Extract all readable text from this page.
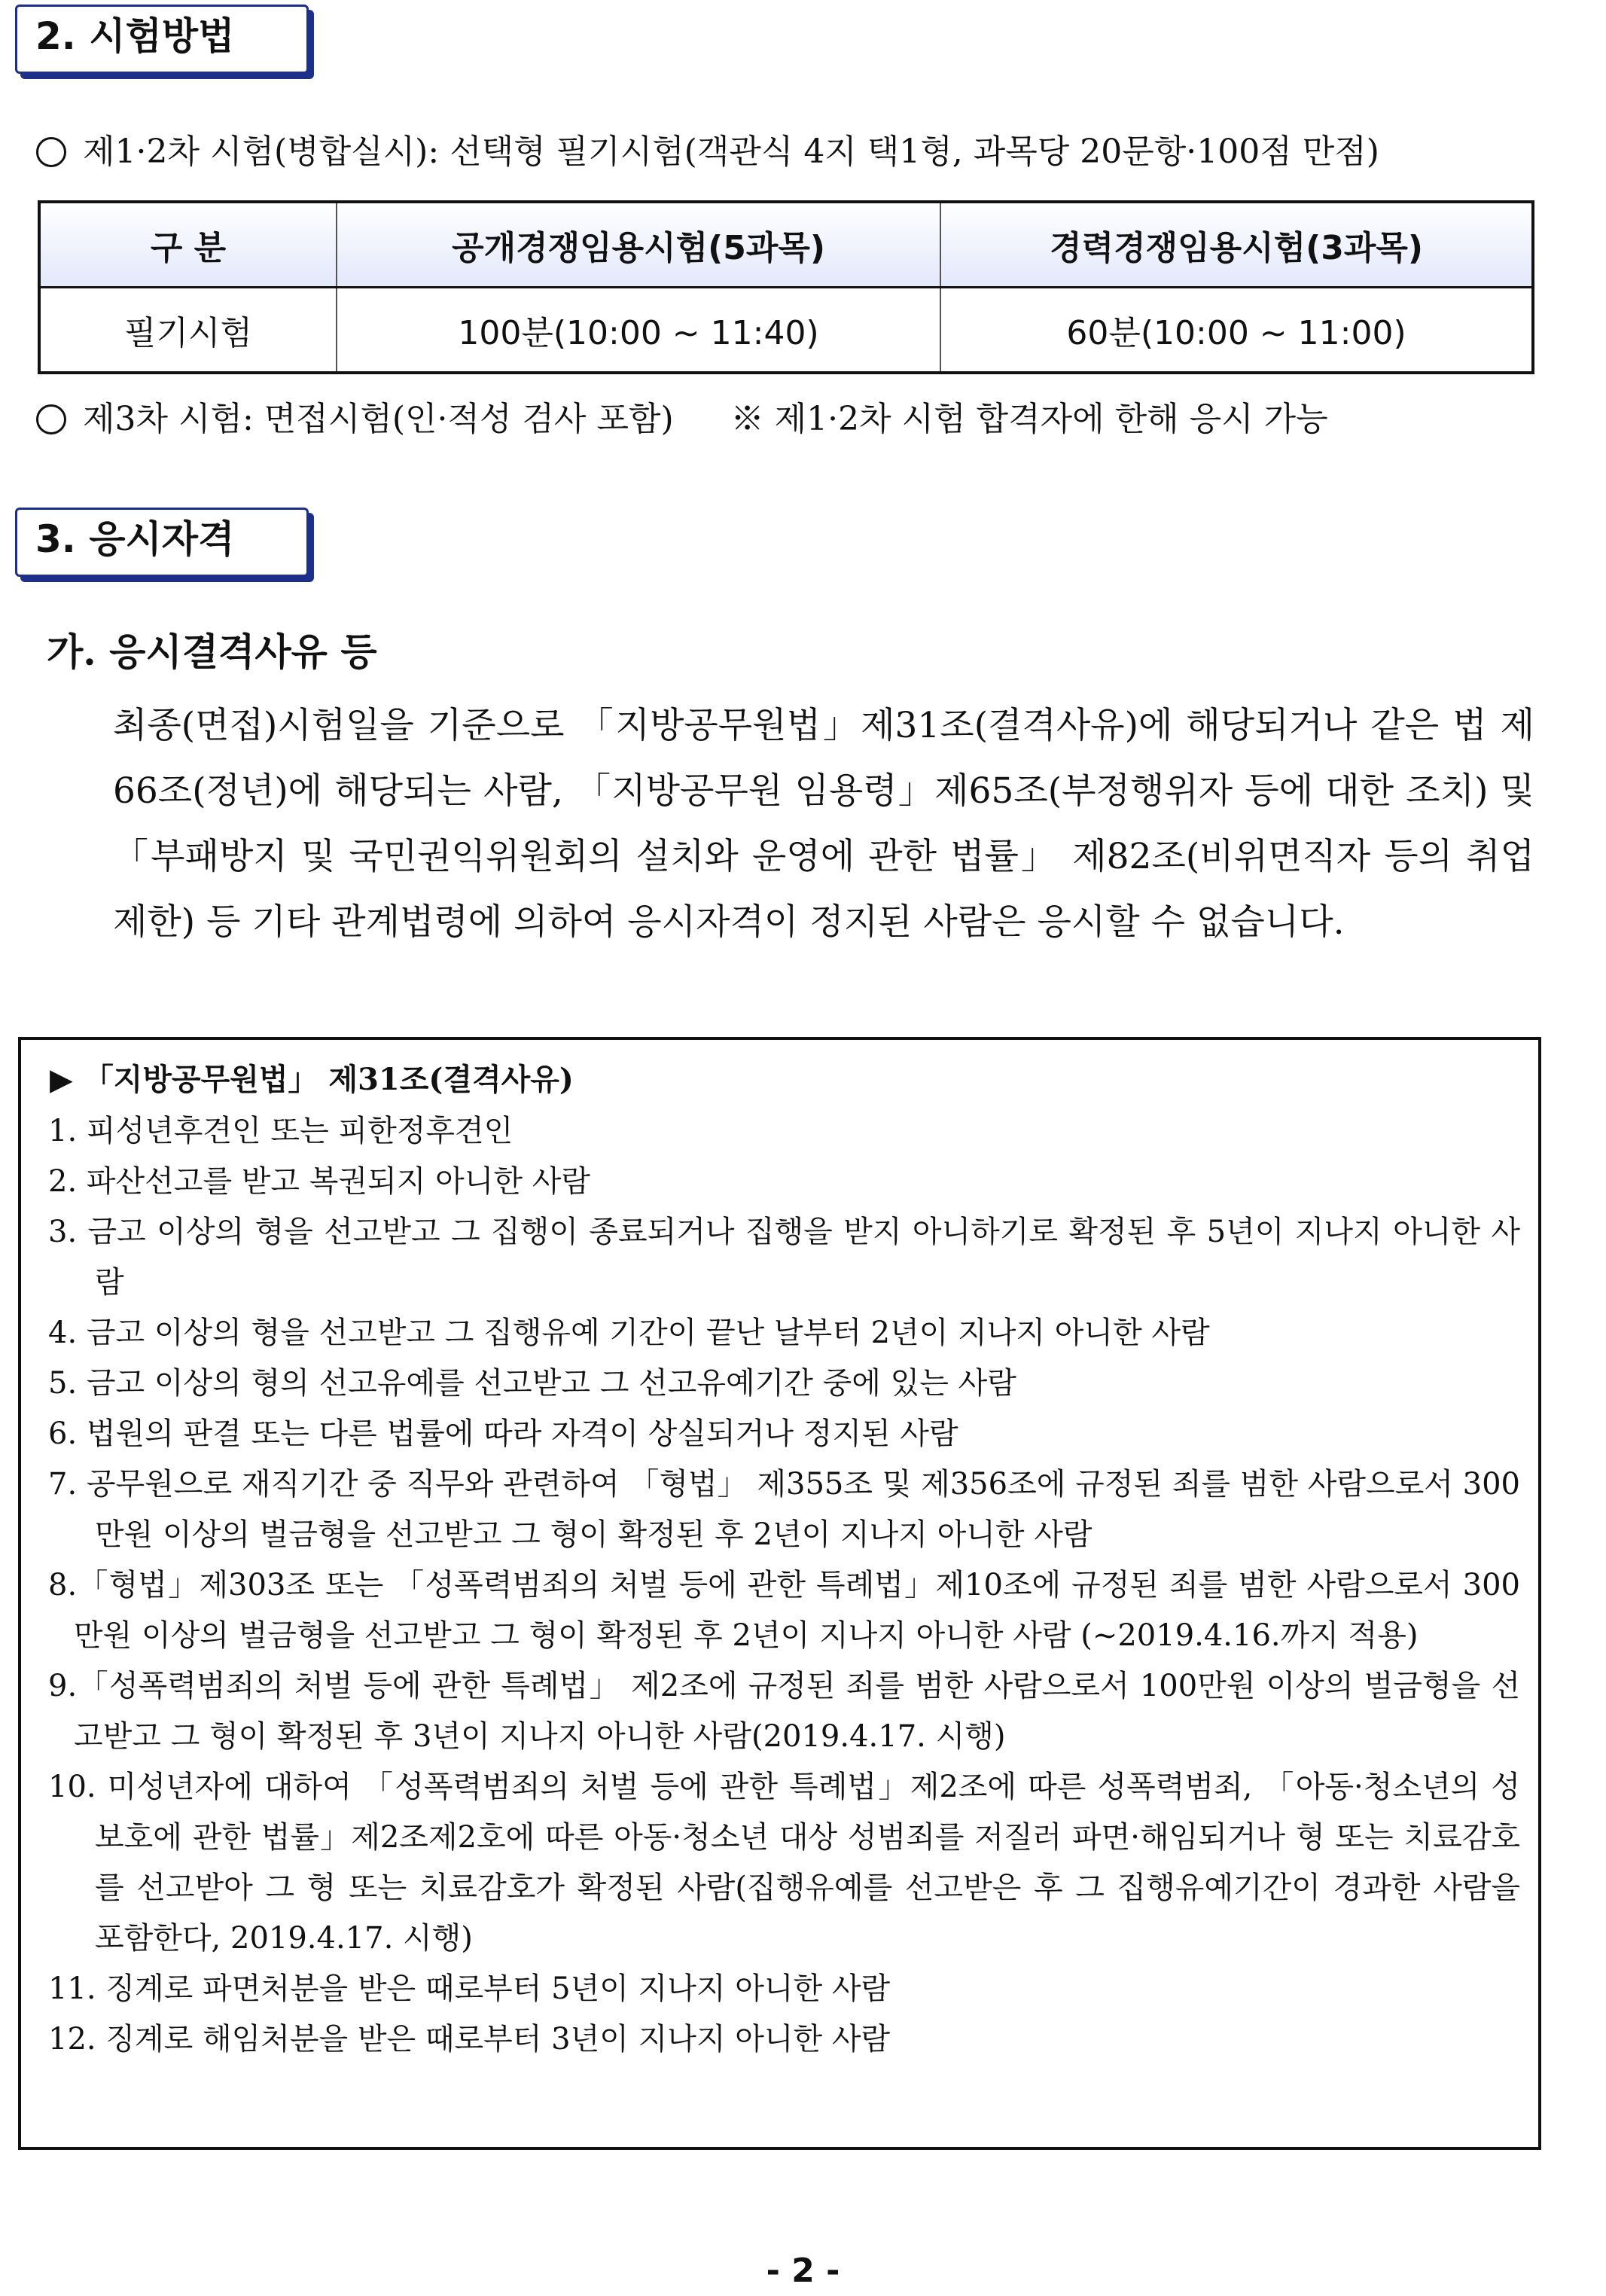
2. 시험방법
제1·2차 시험(병합실시): 선택형 필기시험(객관식 4지 택1형, 과목당 20문항·100점 만점)
구 분	공개경쟁임용시험(5과목)	경력경쟁임용시험(3과목)
필기시험	100분(10:00 ~ 11:40)	60분(10:00 ~ 11:00)
제3차 시험: 면접시험(인·적성 검사 포함) ※ 제1·2차 시험 합격자에 한해 응시 가능
3. 응시자격
가. 응시결격사유 등
최종(면접)시험일을 기준으로 「지방공무원법」제31조(결격사유)에 해당되거나 같은 법 제66조(정년)에 해당되는 사람, 「지방공무원 임용령」제65조(부정행위자 등에 대한 조치) 및 「부패방지 및 국민권익위원회의 설치와 운영에 관한 법률」 제82조(비위면직자 등의 취업제한) 등 기타 관계법령에 의하여 응시자격이 정지된 사람은 응시할 수 없습니다.
▶ 「지방공무원법」 제31조(결격사유)
1. 피성년후견인 또는 피한정후견인
2. 파산선고를 받고 복권되지 아니한 사람
3. 금고 이상의 형을 선고받고 그 집행이 종료되거나 집행을 받지 아니하기로 확정된 후 5년이 지나지 아니한 사람
4. 금고 이상의 형을 선고받고 그 집행유예 기간이 끝난 날부터 2년이 지나지 아니한 사람
5. 금고 이상의 형의 선고유예를 선고받고 그 선고유예기간 중에 있는 사람
6. 법원의 판결 또는 다른 법률에 따라 자격이 상실되거나 정지된 사람
7. 공무원으로 재직기간 중 직무와 관련하여 「형법」 제355조 및 제356조에 규정된 죄를 범한 사람으로서 300만원 이상의 벌금형을 선고받고 그 형이 확정된 후 2년이 지나지 아니한 사람
8.「형법」제303조 또는 「성폭력범죄의 처벌 등에 관한 특례법」제10조에 규정된 죄를 범한 사람으로서 300만원 이상의 벌금형을 선고받고 그 형이 확정된 후 2년이 지나지 아니한 사람 (~2019.4.16.까지 적용)
9.「성폭력범죄의 처벌 등에 관한 특례법」 제2조에 규정된 죄를 범한 사람으로서 100만원 이상의 벌금형을 선고받고 그 형이 확정된 후 3년이 지나지 아니한 사람(2019.4.17. 시행)
10. 미성년자에 대하여 「성폭력범죄의 처벌 등에 관한 특례법」제2조에 따른 성폭력범죄, 「아동·청소년의 성보호에 관한 법률」제2조제2호에 따른 아동·청소년 대상 성범죄를 저질러 파면·해임되거나 형 또는 치료감호를 선고받아 그 형 또는 치료감호가 확정된 사람(집행유예를 선고받은 후 그 집행유예기간이 경과한 사람을 포함한다, 2019.4.17. 시행)
11. 징계로 파면처분을 받은 때로부터 5년이 지나지 아니한 사람
12. 징계로 해임처분을 받은 때로부터 3년이 지나지 아니한 사람
- 2 -
